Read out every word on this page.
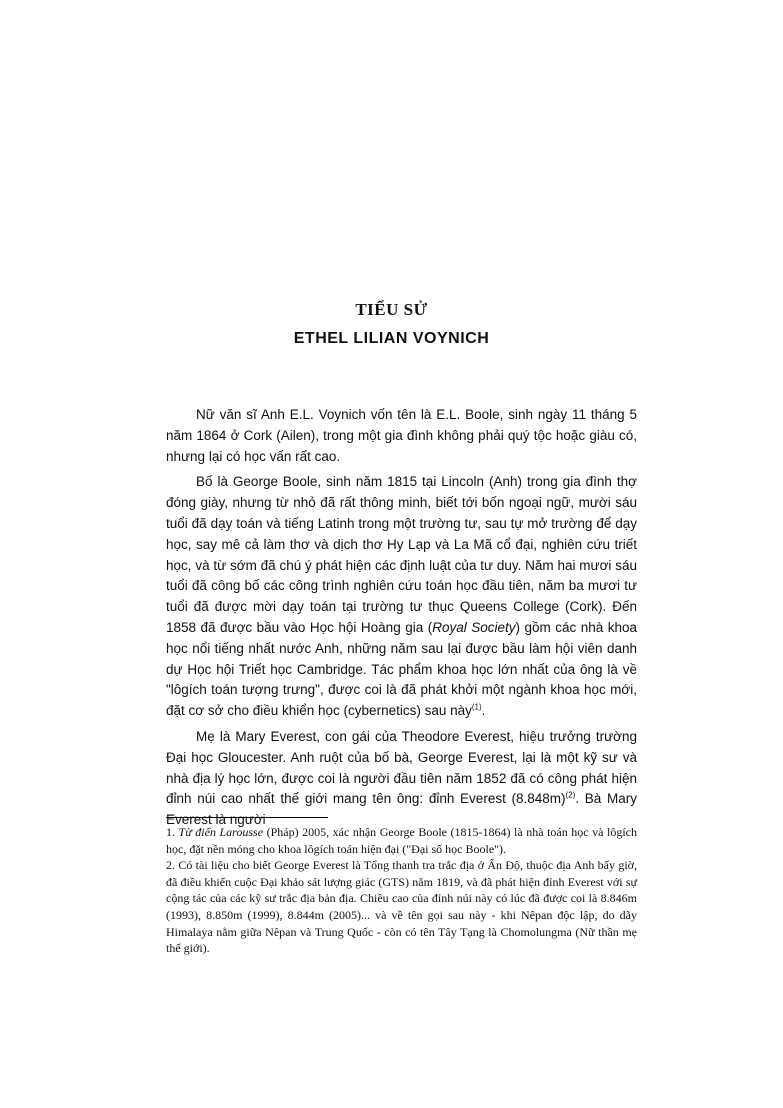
TIỂU SỬ
ETHEL LILIAN VOYNICH

Nữ văn sĩ Anh E.L. Voynich vốn tên là E.L. Boole, sinh ngày 11 tháng 5 năm 1864 ở Cork (Ailen), trong một gia đình không phải quý tộc hoặc giàu có, nhưng lại có học vấn rất cao.

Bố là George Boole, sinh năm 1815 tại Lincoln (Anh) trong gia đình thợ đóng giày, nhưng từ nhỏ đã rất thông minh, biết tới bốn ngoại ngữ, mười sáu tuổi đã dạy toán và tiếng Latinh trong một trường tư, sau tự mở trường để dạy học, say mê cả làm thơ và dịch thơ Hy Lạp và La Mã cổ đại, nghiên cứu triết học, và từ sớm đã chú ý phát hiện các định luật của tư duy. Năm hai mươi sáu tuổi đã công bố các công trình nghiên cứu toán học đầu tiên, năm ba mươi tư tuổi đã được mời dạy toán tại trường tư thục Queens College (Cork). Đến 1858 đã được bầu vào Học hội Hoàng gia (Royal Society) gồm các nhà khoa học nổi tiếng nhất nước Anh, những năm sau lại được bầu làm hội viên danh dự Học hội Triết học Cambridge. Tác phẩm khoa học lớn nhất của ông là về "lôgích toán tượng trưng", được coi là đã phát khởi một ngành khoa học mới, đặt cơ sở cho điều khiển học (cybernetics) sau này$^{(1)}$.

Mẹ là Mary Everest, con gái của Theodore Everest, hiệu trưởng trường Đại học Gloucester. Anh ruột của bố bà, George Everest, lại là một kỹ sư và nhà địa lý học lớn, được coi là người đầu tiên năm 1852 đã có công phát hiện đỉnh núi cao nhất thế giới mang tên ông: đỉnh Everest $(8.848m)^{(2)}$. Bà Mary Everest là người

1. Từ điển Larousse (Pháp) 2005, xác nhận George Boole (1815-1864) là nhà toán học và lôgích học, đặt nền móng cho khoa lôgích toán hiện đại ("Đại số học Boole").

2. Có tài liệu cho biết George Everest là Tổng thanh tra trắc địa ở Ấn Độ, thuộc địa Anh bấy giờ, đã điều khiển cuộc Đại khảo sát lượng giác (GTS) năm 1819, và đã phát hiện đỉnh Everest với sự cộng tác của các kỹ sư trắc địa bản địa. Chiều cao của đỉnh núi này có lúc đã được coi là 8.846m (1993), 8.850m (1999), 8.844m (2005)... và về tên gọi sau này - khi Nêpan độc lập, do dãy Himalaya nằm giữa Nêpan và Trung Quốc - còn có tên Tây Tạng là Chomolungma (Nữ thần mẹ thế giới).
